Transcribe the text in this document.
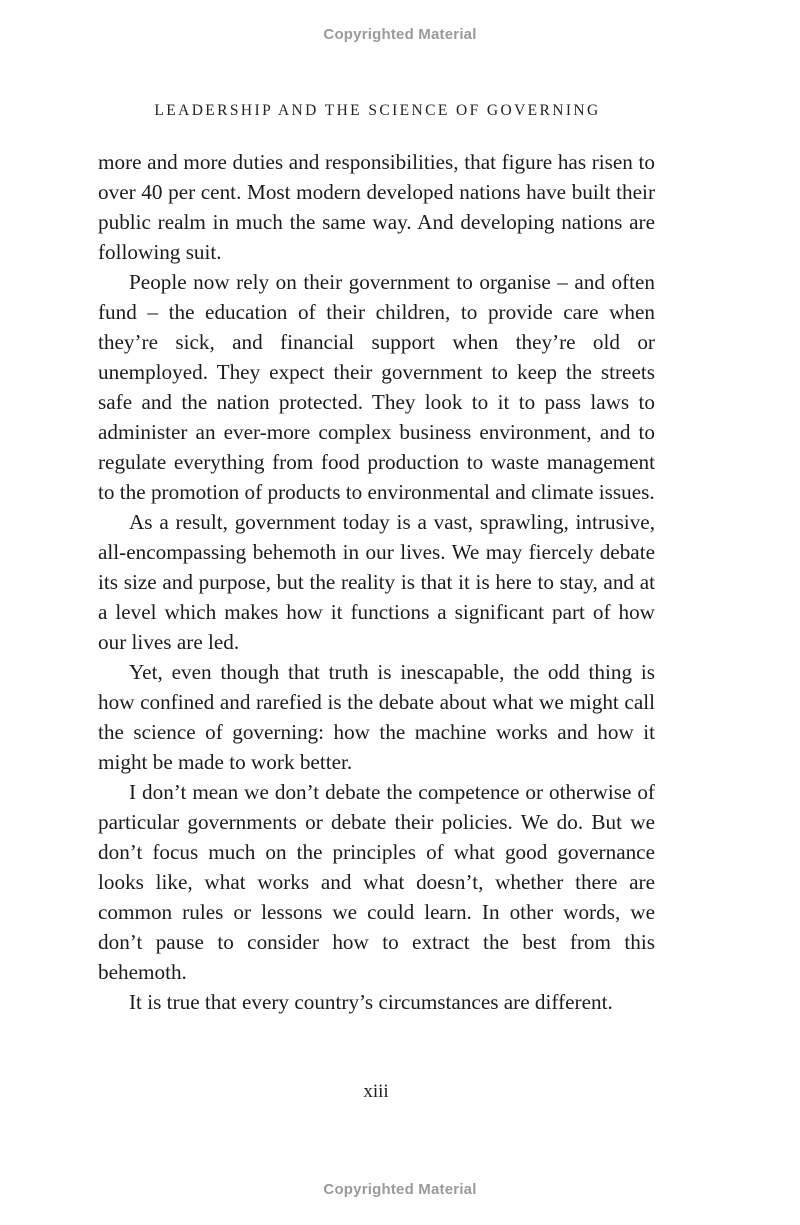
Copyrighted Material
LEADERSHIP AND THE SCIENCE OF GOVERNING

more and more duties and responsibilities, that figure has risen to over 40 per cent. Most modern developed nations have built their public realm in much the same way. And developing nations are following suit.

People now rely on their government to organise – and often fund – the education of their children, to provide care when they’re sick, and financial support when they’re old or unemployed. They expect their government to keep the streets safe and the nation protected. They look to it to pass laws to administer an ever-more complex business environment, and to regulate everything from food production to waste management to the promotion of products to environmental and climate issues.

As a result, government today is a vast, sprawling, intrusive, all-encompassing behemoth in our lives. We may fiercely debate its size and purpose, but the reality is that it is here to stay, and at a level which makes how it functions a significant part of how our lives are led.

Yet, even though that truth is inescapable, the odd thing is how confined and rarefied is the debate about what we might call the science of governing: how the machine works and how it might be made to work better.

I don’t mean we don’t debate the competence or otherwise of particular governments or debate their policies. We do. But we don’t focus much on the principles of what good governance looks like, what works and what doesn’t, whether there are common rules or lessons we could learn. In other words, we don’t pause to consider how to extract the best from this behemoth.

It is true that every country’s circumstances are different.

xiii
Copyrighted Material
